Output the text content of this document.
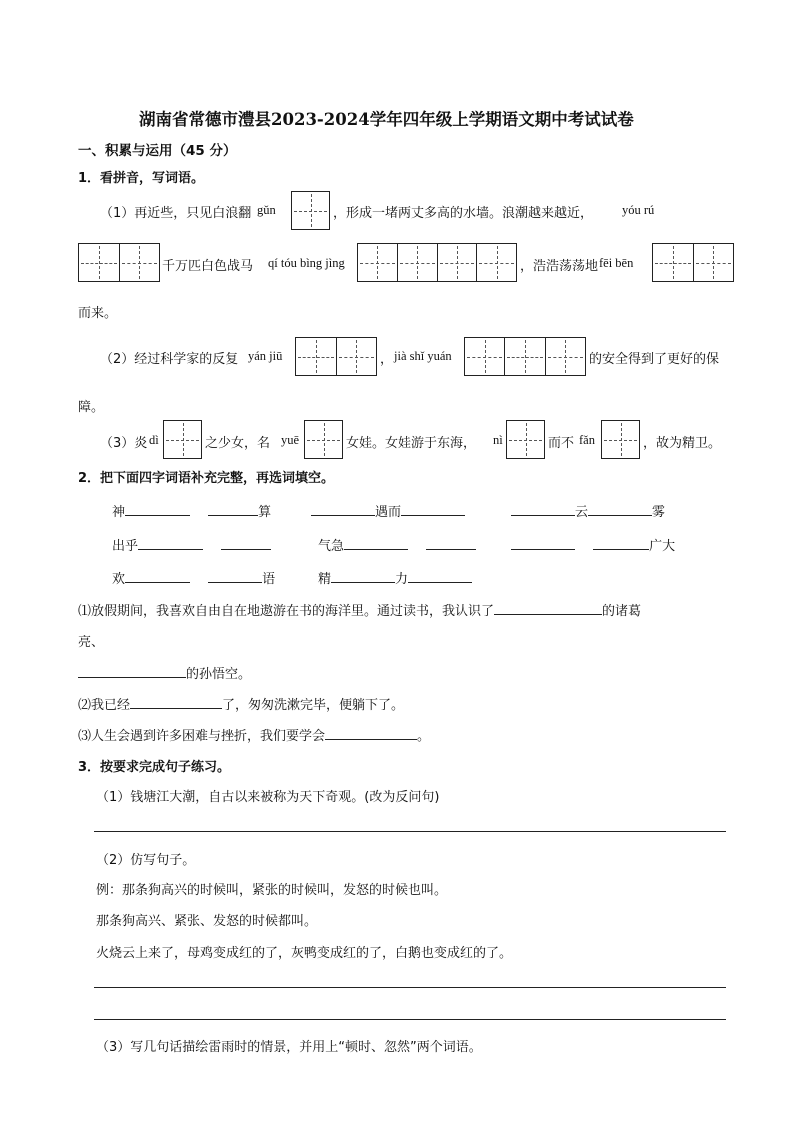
湖南省常德市澧县2023-2024学年四年级上学期语文期中考试试卷
一、积累与运用（45 分）
1．看拼音，写词语。
（1）再近些，只见白浪翻 gǔn	，形成一堵两丈多高的水墙。浪潮越来越近， yóu rú
千万匹白色战马 qí tóu bìng jìng	，浩浩荡荡地 fēi bēn
而来。
（2）经过科学家的反复 yán jiū	， jià shǐ yuán	的安全得到了更好的保
障。
（3）炎 dì	之少女，名 yuē	女娃。女娃游于东海， nì	而不 fǎn	，故为精卫。
2．把下面四字词语补充完整，再选词填空。
神	算	遇而	云	雾
出乎	气急	广大
欢	语	精	力
⑴放假期间，我喜欢自由自在地遨游在书的海洋里。通过读书，我认识了	的诸葛
亮、
的孙悟空。
⑵我已经	了，匆匆洗漱完毕，便躺下了。
⑶人生会遇到许多困难与挫折，我们要学会	。
3．按要求完成句子练习。
（1）钱塘江大潮，自古以来被称为天下奇观。(改为反问句)
（2）仿写句子。
例：那条狗高兴的时候叫，紧张的时候叫，发怒的时候也叫。
那条狗高兴、紧张、发怒的时候都叫。
火烧云上来了，母鸡变成红的了，灰鸭变成红的了，白鹅也变成红的了。
（3）写几句话描绘雷雨时的情景，并用上“顿时、忽然”两个词语。
